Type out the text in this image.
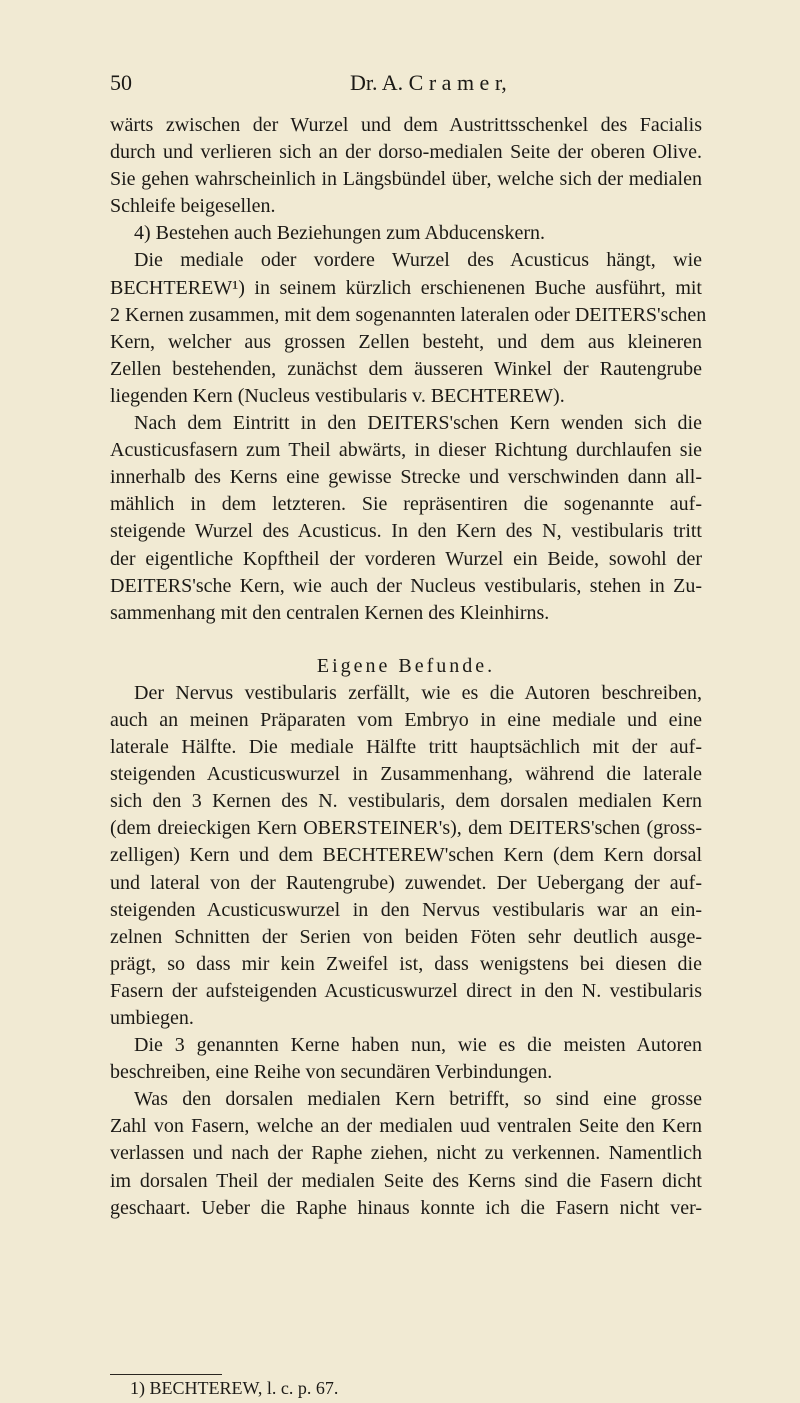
50	Dr. A. C r a m e r,
wärts zwischen der Wurzel und dem Austrittsschenkel des Facialis
durch und verlieren sich an der dorso-medialen Seite der oberen Olive.
Sie gehen wahrscheinlich in Längsbündel über, welche sich der medialen
Schleife beigesellen.
4) Bestehen auch Beziehungen zum Abducenskern.
Die mediale oder vordere Wurzel des Acusticus hängt, wie
BECHTEREW¹) in seinem kürzlich erschienenen Buche ausführt, mit
2 Kernen zusammen, mit dem sogenannten lateralen oder DEITERS'schen
Kern, welcher aus grossen Zellen besteht, und dem aus kleineren
Zellen bestehenden, zunächst dem äusseren Winkel der Rautengrube
liegenden Kern (Nucleus vestibularis v. BECHTEREW).
Nach dem Eintritt in den DEITERS'schen Kern wenden sich die
Acusticusfasern zum Theil abwärts, in dieser Richtung durchlaufen sie
innerhalb des Kerns eine gewisse Strecke und verschwinden dann all-
mählich in dem letzteren. Sie repräsentiren die sogenannte auf-
steigende Wurzel des Acusticus. In den Kern des N, vestibularis tritt
der eigentliche Kopftheil der vorderen Wurzel ein Beide, sowohl der
DEITERS'sche Kern, wie auch der Nucleus vestibularis, stehen in Zu-
sammenhang mit den centralen Kernen des Kleinhirns.
Eigene Befunde.
Der Nervus vestibularis zerfällt, wie es die Autoren beschreiben,
auch an meinen Präparaten vom Embryo in eine mediale und eine
laterale Hälfte. Die mediale Hälfte tritt hauptsächlich mit der auf-
steigenden Acusticuswurzel in Zusammenhang, während die laterale
sich den 3 Kernen des N. vestibularis, dem dorsalen medialen Kern
(dem dreieckigen Kern OBERSTEINER's), dem DEITERS'schen (gross-
zelligen) Kern und dem BECHTEREW'schen Kern (dem Kern dorsal
und lateral von der Rautengrube) zuwendet. Der Uebergang der auf-
steigenden Acusticuswurzel in den Nervus vestibularis war an ein-
zelnen Schnitten der Serien von beiden Föten sehr deutlich ausge-
prägt, so dass mir kein Zweifel ist, dass wenigstens bei diesen die
Fasern der aufsteigenden Acusticuswurzel direct in den N. vestibularis
umbiegen.
Die 3 genannten Kerne haben nun, wie es die meisten Autoren
beschreiben, eine Reihe von secundären Verbindungen.
Was den dorsalen medialen Kern betrifft, so sind eine grosse
Zahl von Fasern, welche an der medialen uud ventralen Seite den Kern
verlassen und nach der Raphe ziehen, nicht zu verkennen. Namentlich
im dorsalen Theil der medialen Seite des Kerns sind die Fasern dicht
geschaart. Ueber die Raphe hinaus konnte ich die Fasern nicht ver-
1) BECHTEREW, l. c. p. 67.
